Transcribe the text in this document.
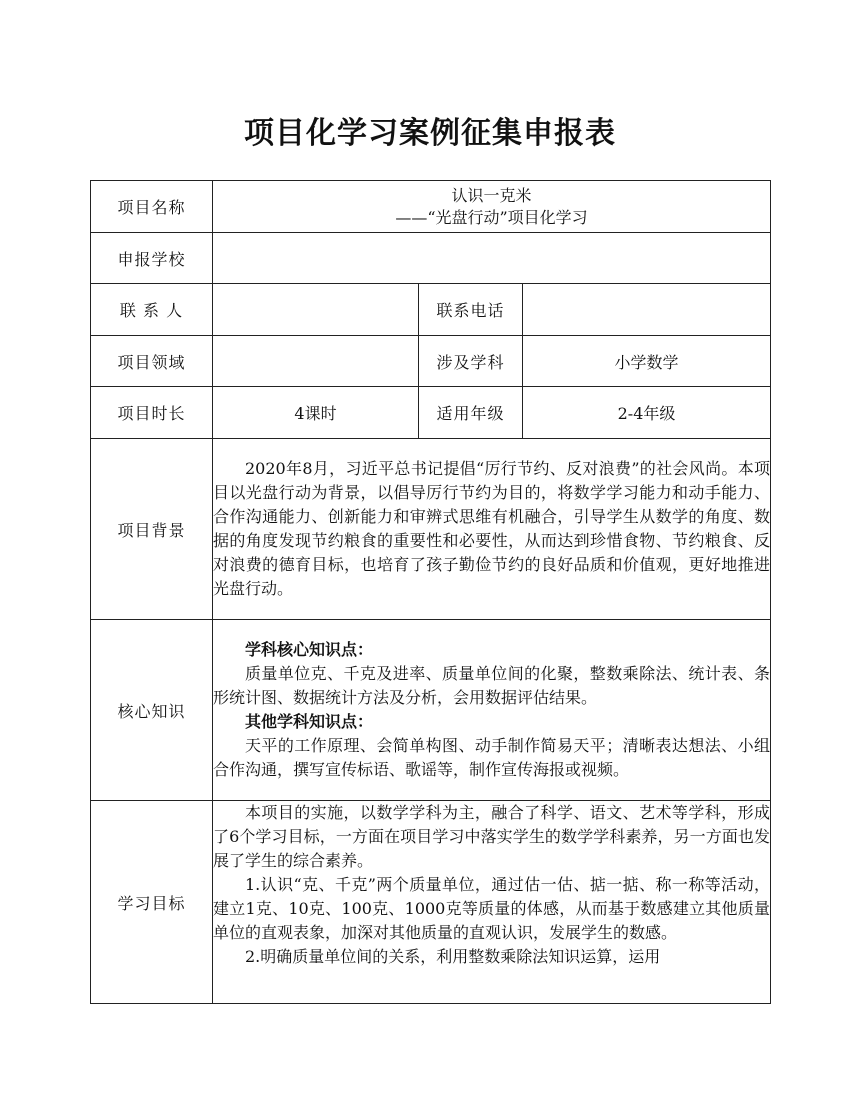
项目化学习案例征集申报表
项目名称	认识一克米
——“光盘行动”项目化学习		

申报学校			
联 系 人		联系电话	
项目领域		涉及学科	小学数学
项目时长	4课时	适用年级	2-4年级
项目背景	2020年8月，习近平总书记提倡“厉行节约、反对浪费”的社会风尚。本项目以光盘行动为背景，以倡导厉行节约为目的，将数学学习能力和动手能力、合作沟通能力、创新能力和审辨式思维有机融合，引导学生从数学的角度、数据的角度发现节约粮食的重要性和必要性，从而达到珍惜食物、节约粮食、反对浪费的德育目标，也培育了孩子勤俭节约的良好品质和价值观，更好地推进光盘行动。		

核心知识	学科核心知识点：

质量单位克、千克及进率、质量单位间的化聚，整数乘除法、统计表、条形统计图、数据统计方法及分析，会用数据评估结果。

其他学科知识点：

天平的工作原理、会简单构图、动手制作简易天平；清晰表达想法、小组合作沟通，撰写宣传标语、歌谣等，制作宣传海报或视频。		

学习目标	本项目的实施，以数学学科为主，融合了科学、语文、艺术等学科，形成了6个学习目标，一方面在项目学习中落实学生的数学学科素养，另一方面也发展了学生的综合素养。

1.认识“克、千克”两个质量单位，通过估一估、掂一掂、称一称等活动，建立1克、10克、100克、1000克等质量的体感，从而基于数感建立其他质量单位的直观表象，加深对其他质量的直观认识，发展学生的数感。

2.明确质量单位间的关系，利用整数乘除法知识运算，运用		
